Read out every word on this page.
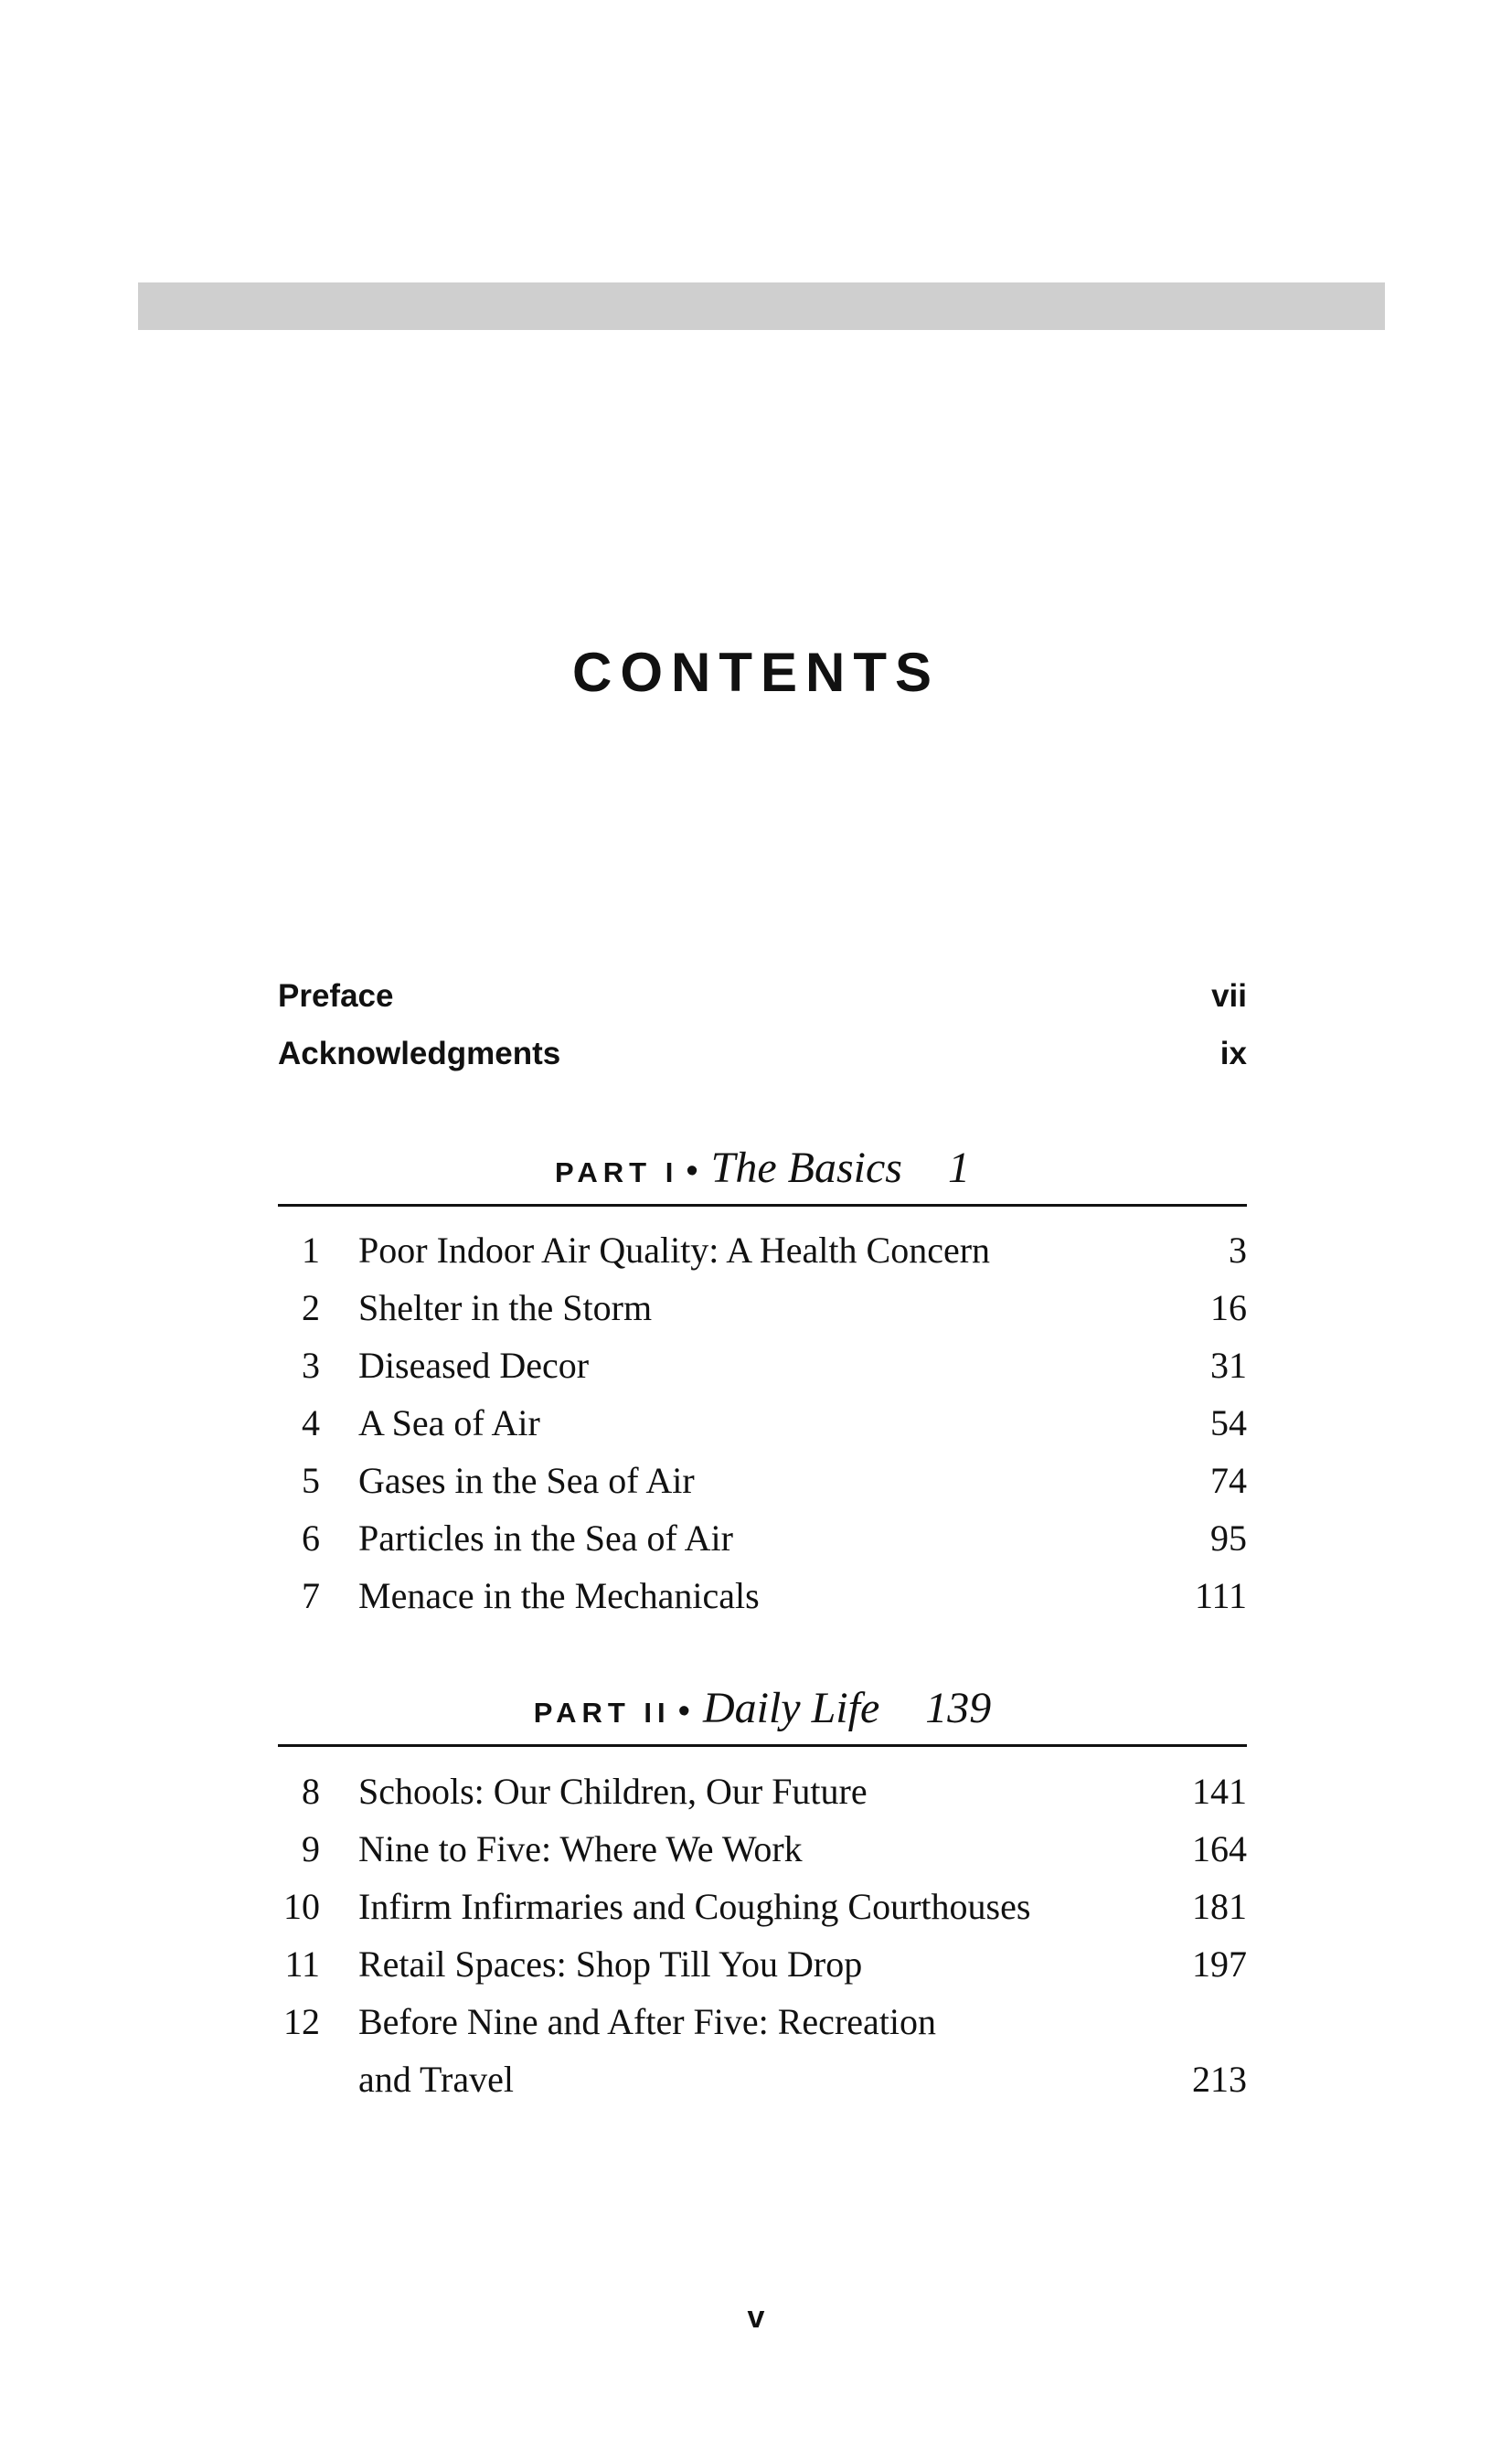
CONTENTS
Preface	vii
Acknowledgments	ix
PART I • The Basics 1
1 Poor Indoor Air Quality: A Health Concern	3
2 Shelter in the Storm	16
3 Diseased Decor	31
4 A Sea of Air	54
5 Gases in the Sea of Air	74
6 Particles in the Sea of Air	95
7 Menace in the Mechanicals	111
PART II • Daily Life 139
8 Schools: Our Children, Our Future	141
9 Nine to Five: Where We Work	164
10 Infirm Infirmaries and Coughing Courthouses	181
11 Retail Spaces: Shop Till You Drop	197
12 Before Nine and After Five: Recreation
and Travel	213
v
